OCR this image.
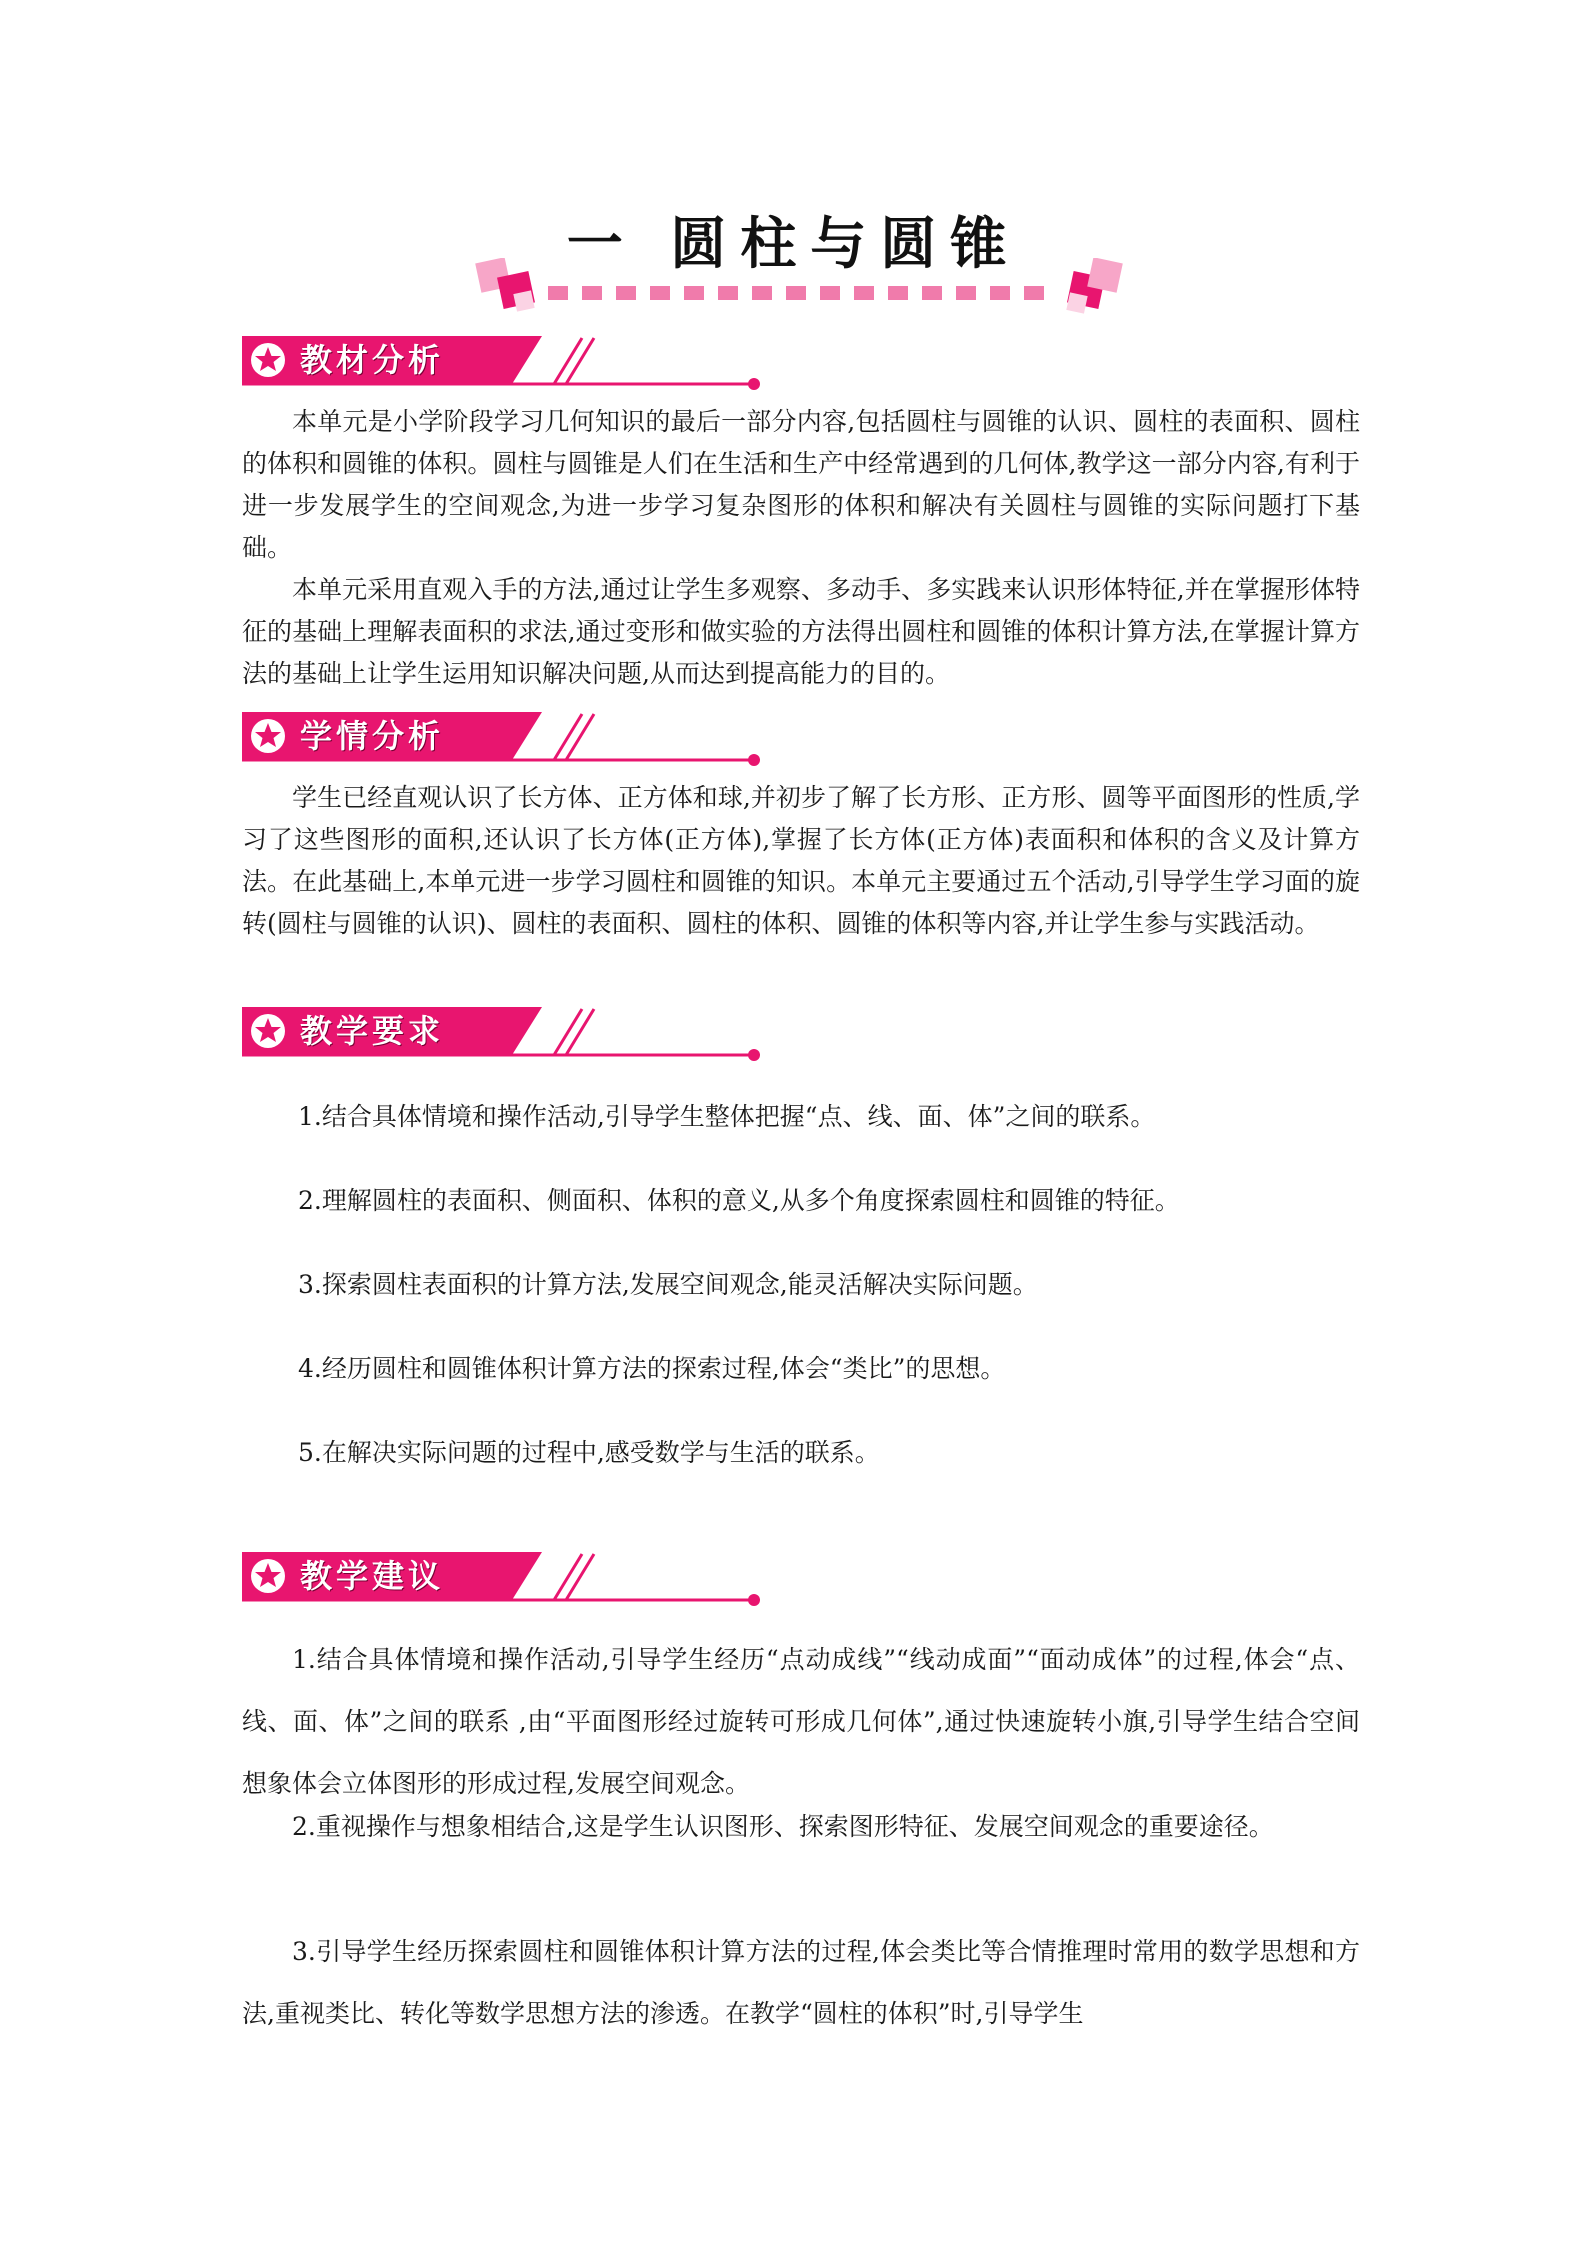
一 圆柱与圆锥
教材分析

本单元是小学阶段学习几何知识的最后一部分内容,包括圆柱与圆锥的认识、圆柱的表面积、圆柱的体积和圆锥的体积。圆柱与圆锥是人们在生活和生产中经常遇到的几何体,教学这一部分内容,有利于进一步发展学生的空间观念,为进一步学习复杂图形的体积和解决有关圆柱与圆锥的实际问题打下基础。

本单元采用直观入手的方法,通过让学生多观察、多动手、多实践来认识形体特征,并在掌握形体特征的基础上理解表面积的求法,通过变形和做实验的方法得出圆柱和圆锥的体积计算方法,在掌握计算方法的基础上让学生运用知识解决问题,从而达到提高能力的目的。

学情分析

学生已经直观认识了长方体、正方体和球,并初步了解了长方形、正方形、圆等平面图形的性质,学习了这些图形的面积,还认识了长方体(正方体),掌握了长方体(正方体)表面积和体积的含义及计算方法。在此基础上,本单元进一步学习圆柱和圆锥的知识。本单元主要通过五个活动,引导学生学习面的旋转(圆柱与圆锥的认识)、圆柱的表面积、圆柱的体积、圆锥的体积等内容,并让学生参与实践活动。

教学要求

1.结合具体情境和操作活动,引导学生整体把握“点、线、面、体”之间的联系。

2.理解圆柱的表面积、侧面积、体积的意义,从多个角度探索圆柱和圆锥的特征。

3.探索圆柱表面积的计算方法,发展空间观念,能灵活解决实际问题。

4.经历圆柱和圆锥体积计算方法的探索过程,体会“类比”的思想。

5.在解决实际问题的过程中,感受数学与生活的联系。

教学建议

1.结合具体情境和操作活动,引导学生经历“点动成线”“线动成面”“面动成体”的过程,体会“点、线、面、体”之间的联系 ,由“平面图形经过旋转可形成几何体”,通过快速旋转小旗,引导学生结合空间想象体会立体图形的形成过程,发展空间观念。

2.重视操作与想象相结合,这是学生认识图形、探索图形特征、发展空间观念的重要途径。

3.引导学生经历探索圆柱和圆锥体积计算方法的过程,体会类比等合情推理时常用的数学思想和方法,重视类比、转化等数学思想方法的渗透。在教学“圆柱的体积”时,引导学生
